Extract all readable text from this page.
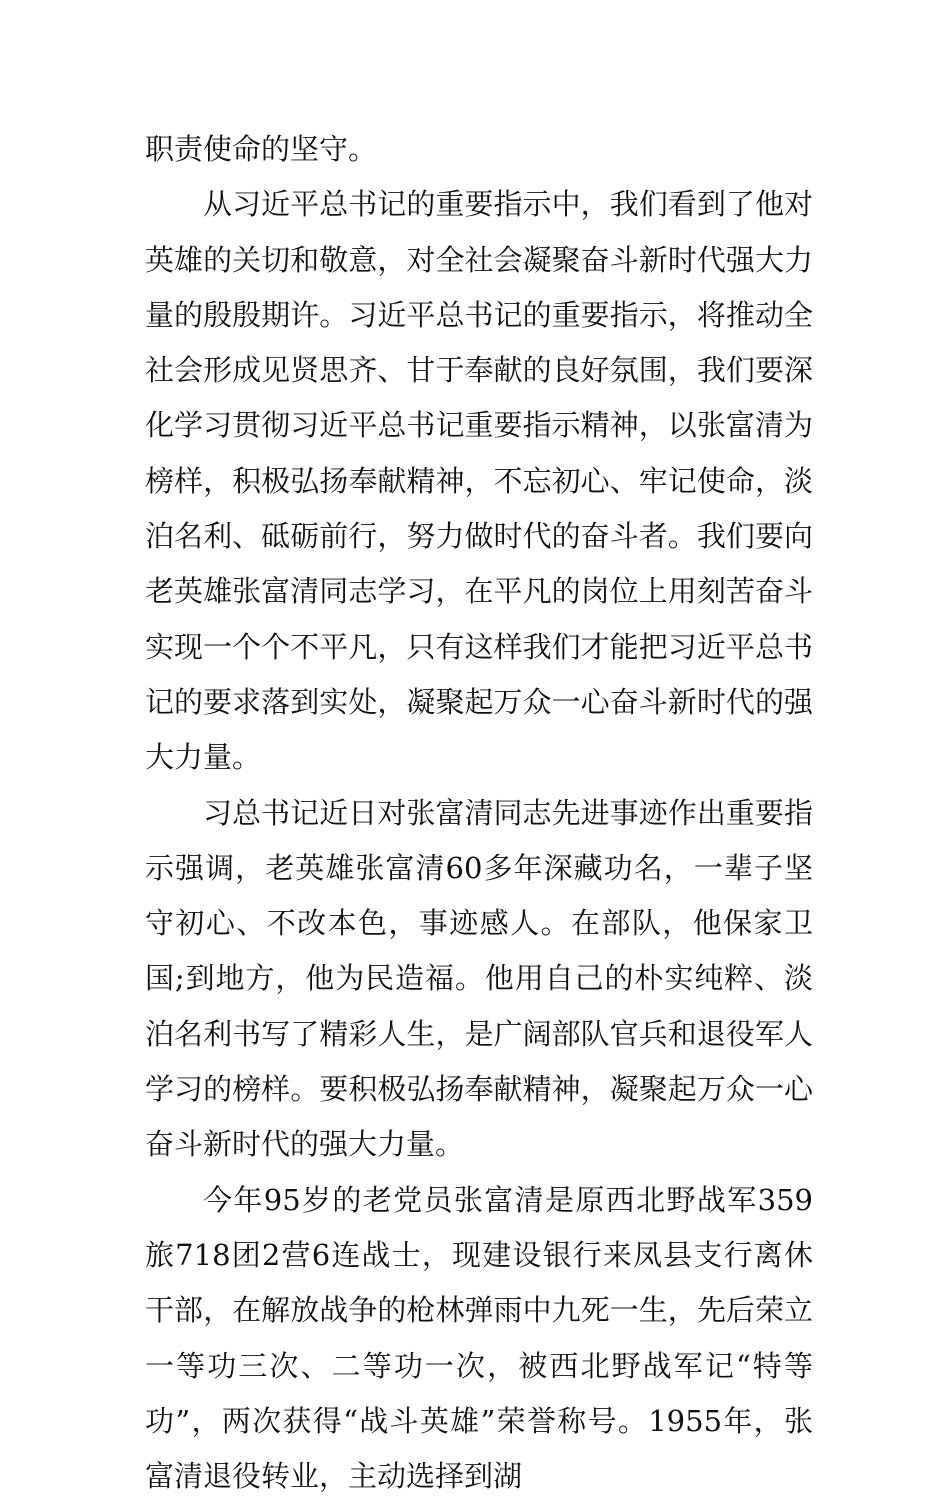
职责使命的坚守。

从习近平总书记的重要指示中，我们看到了他对英雄的关切和敬意，对全社会凝聚奋斗新时代强大力量的殷殷期许。习近平总书记的重要指示，将推动全社会形成见贤思齐、甘于奉献的良好氛围，我们要深化学习贯彻习近平总书记重要指示精神，以张富清为榜样，积极弘扬奉献精神，不忘初心、牢记使命，淡泊名利、砥砺前行，努力做时代的奋斗者。我们要向老英雄张富清同志学习，在平凡的岗位上用刻苦奋斗实现一个个不平凡，只有这样我们才能把习近平总书记的要求落到实处，凝聚起万众一心奋斗新时代的强大力量。

习总书记近日对张富清同志先进事迹作出重要指示强调，老英雄张富清60多年深藏功名，一辈子坚守初心、不改本色，事迹感人。在部队，他保家卫国;到地方，他为民造福。他用自己的朴实纯粹、淡泊名利书写了精彩人生，是广阔部队官兵和退役军人学习的榜样。要积极弘扬奉献精神，凝聚起万众一心奋斗新时代的强大力量。

今年95岁的老党员张富清是原西北野战军359旅718团2营6连战士，现建设银行来凤县支行离休干部，在解放战争的枪林弹雨中九死一生，先后荣立一等功三次、二等功一次，被西北野战军记“特等功”，两次获得“战斗英雄”荣誉称号。1955年，张富清退役转业，主动选择到湖
